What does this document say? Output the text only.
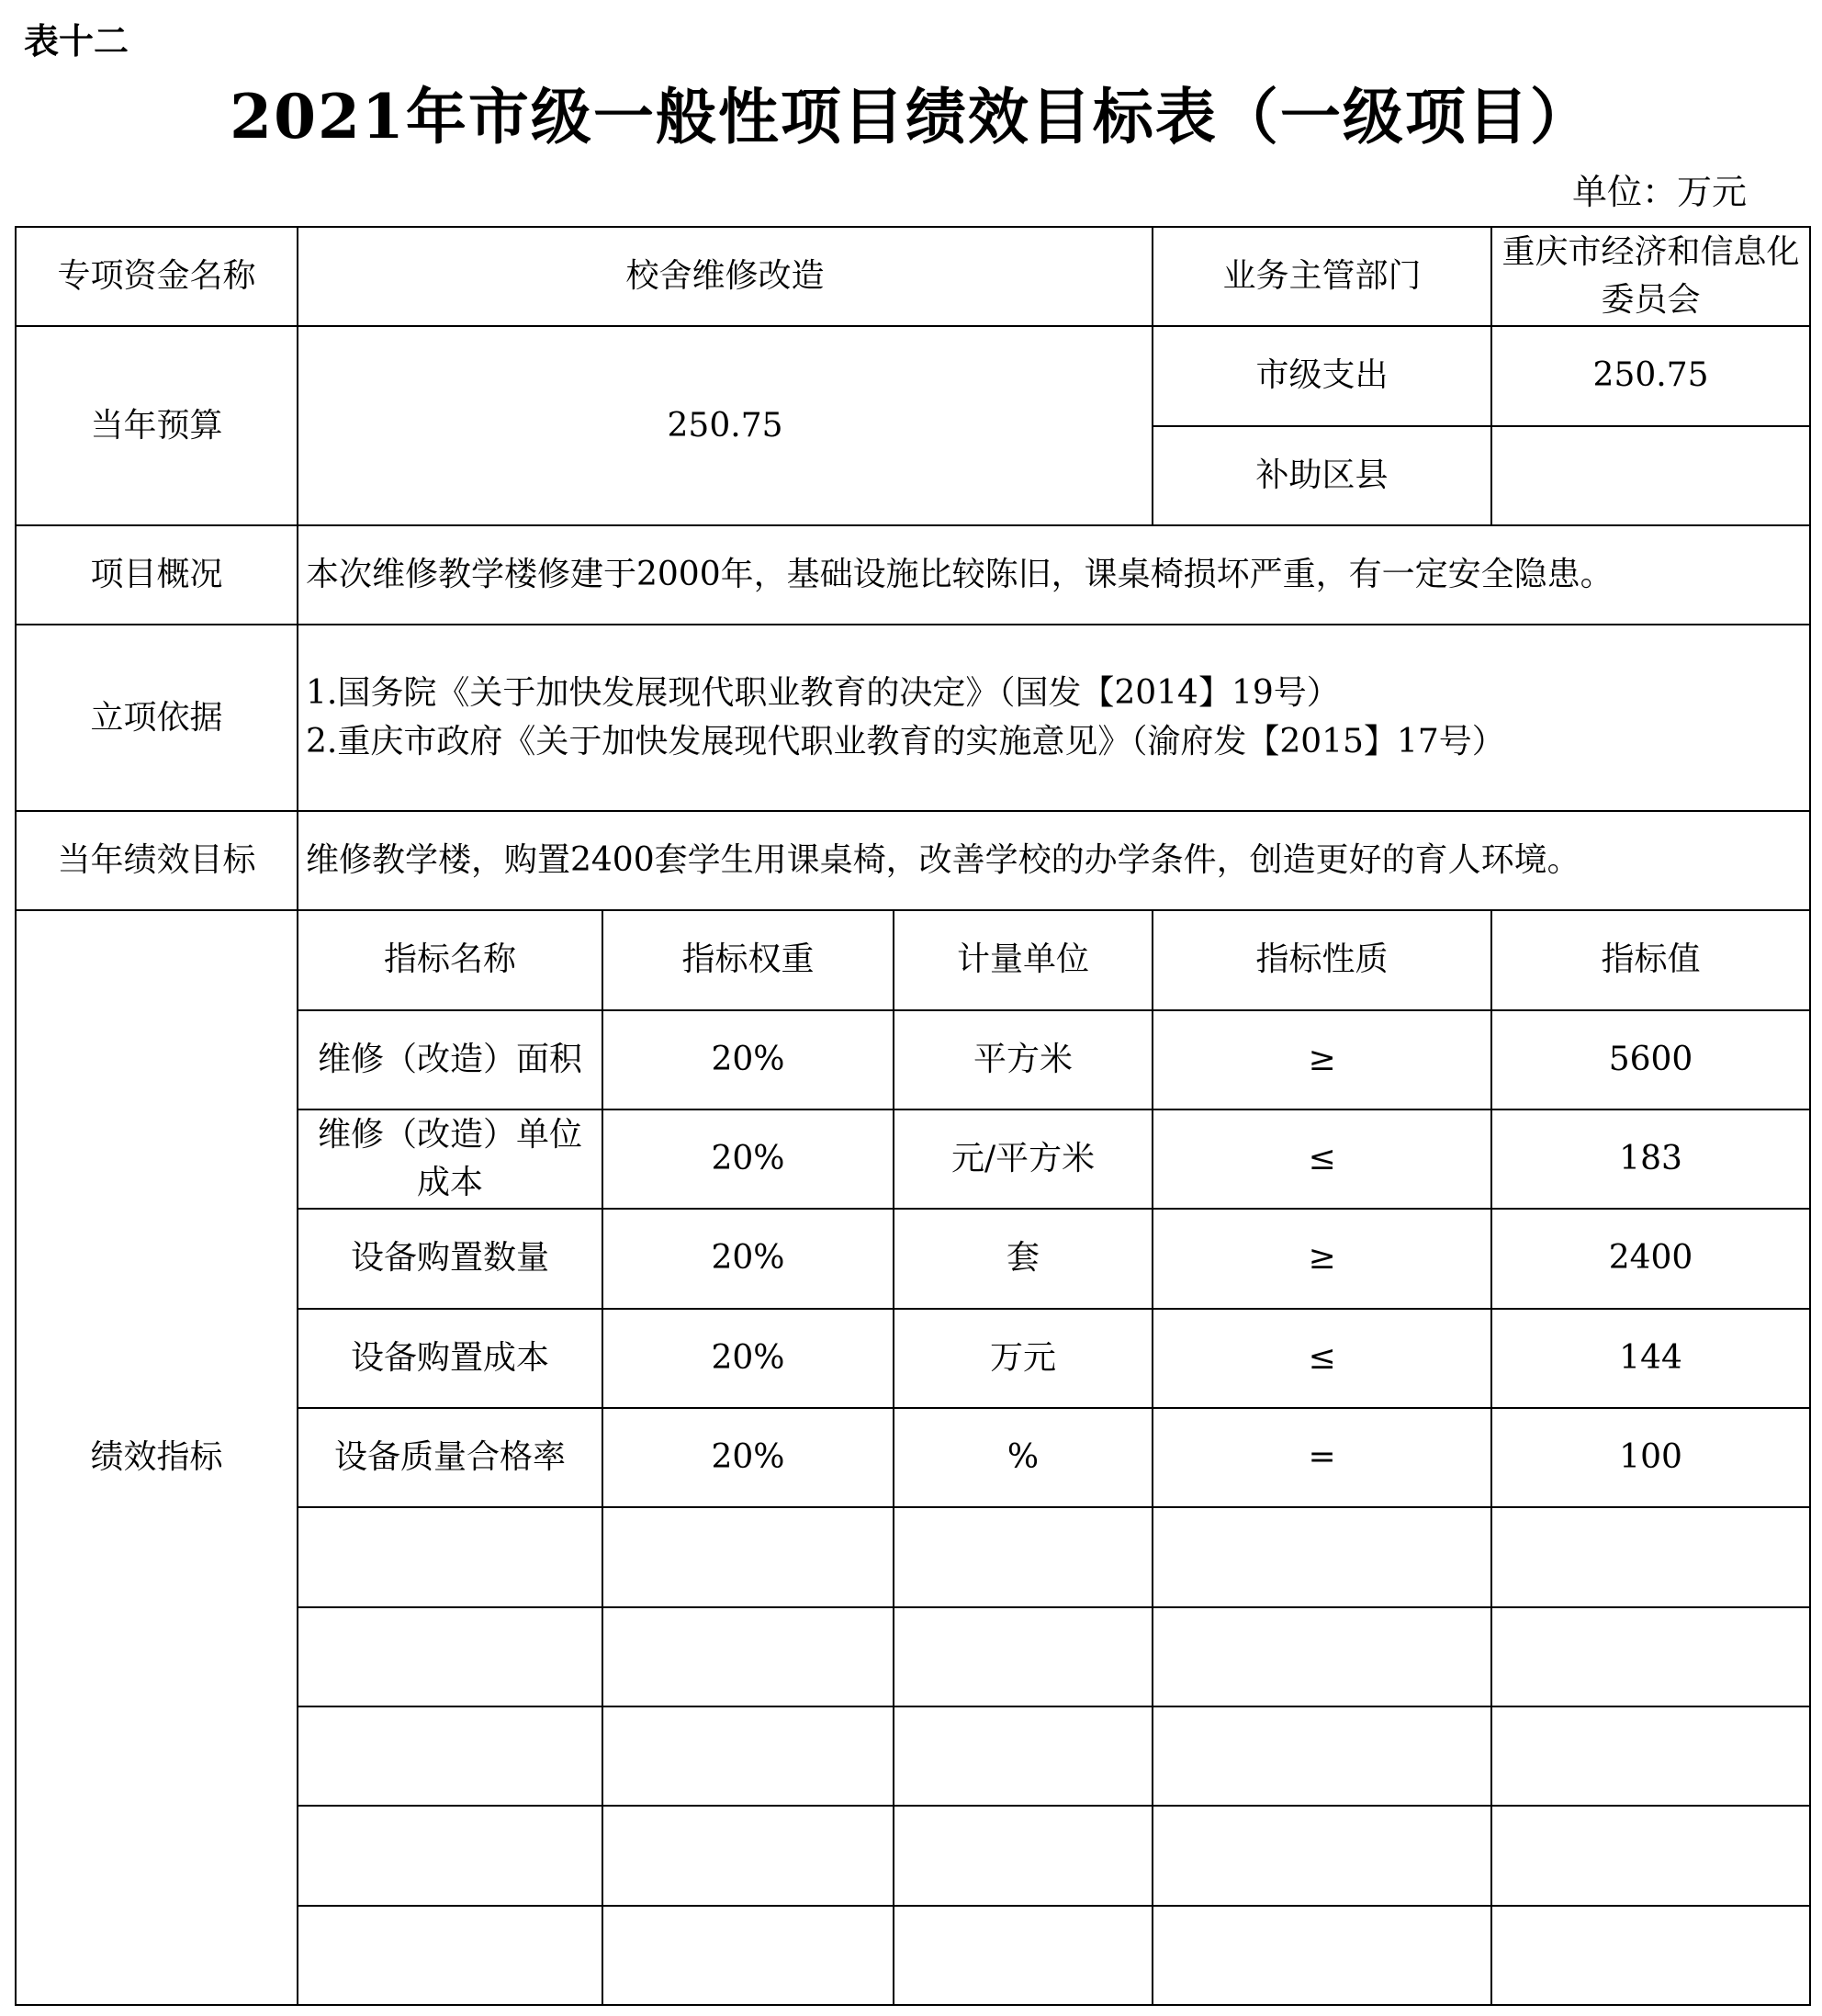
表十二
2021年市级一般性项目绩效目标表（一级项目）
单位：万元
专项资金名称	校舍维修改造			业务主管部门	重庆市经济和信息化委员会
当年预算	250.75			市级支出	250.75
				补助区县	
项目概况	本次维修教学楼修建于2000年，基础设施比较陈旧，课桌椅损坏严重，有一定安全隐患。				
立项依据	1.国务院《关于加快发展现代职业教育的决定》（国发【2014】19号）
2.重庆市政府《关于加快发展现代职业教育的实施意见》（渝府发【2015】17号）				

当年绩效目标	维修教学楼，购置2400套学生用课桌椅，改善学校的办学条件，创造更好的育人环境。				
绩效指标	指标名称	指标权重	计量单位	指标性质	指标值
	维修（改造）面积	20%	平方米	≥	5600
	维修（改造）单位成本	20%	元/平方米	≤	183
	设备购置数量	20%	套	≥	2400
	设备购置成本	20%	万元	≤	144
	设备质量合格率	20%	%	=	100
